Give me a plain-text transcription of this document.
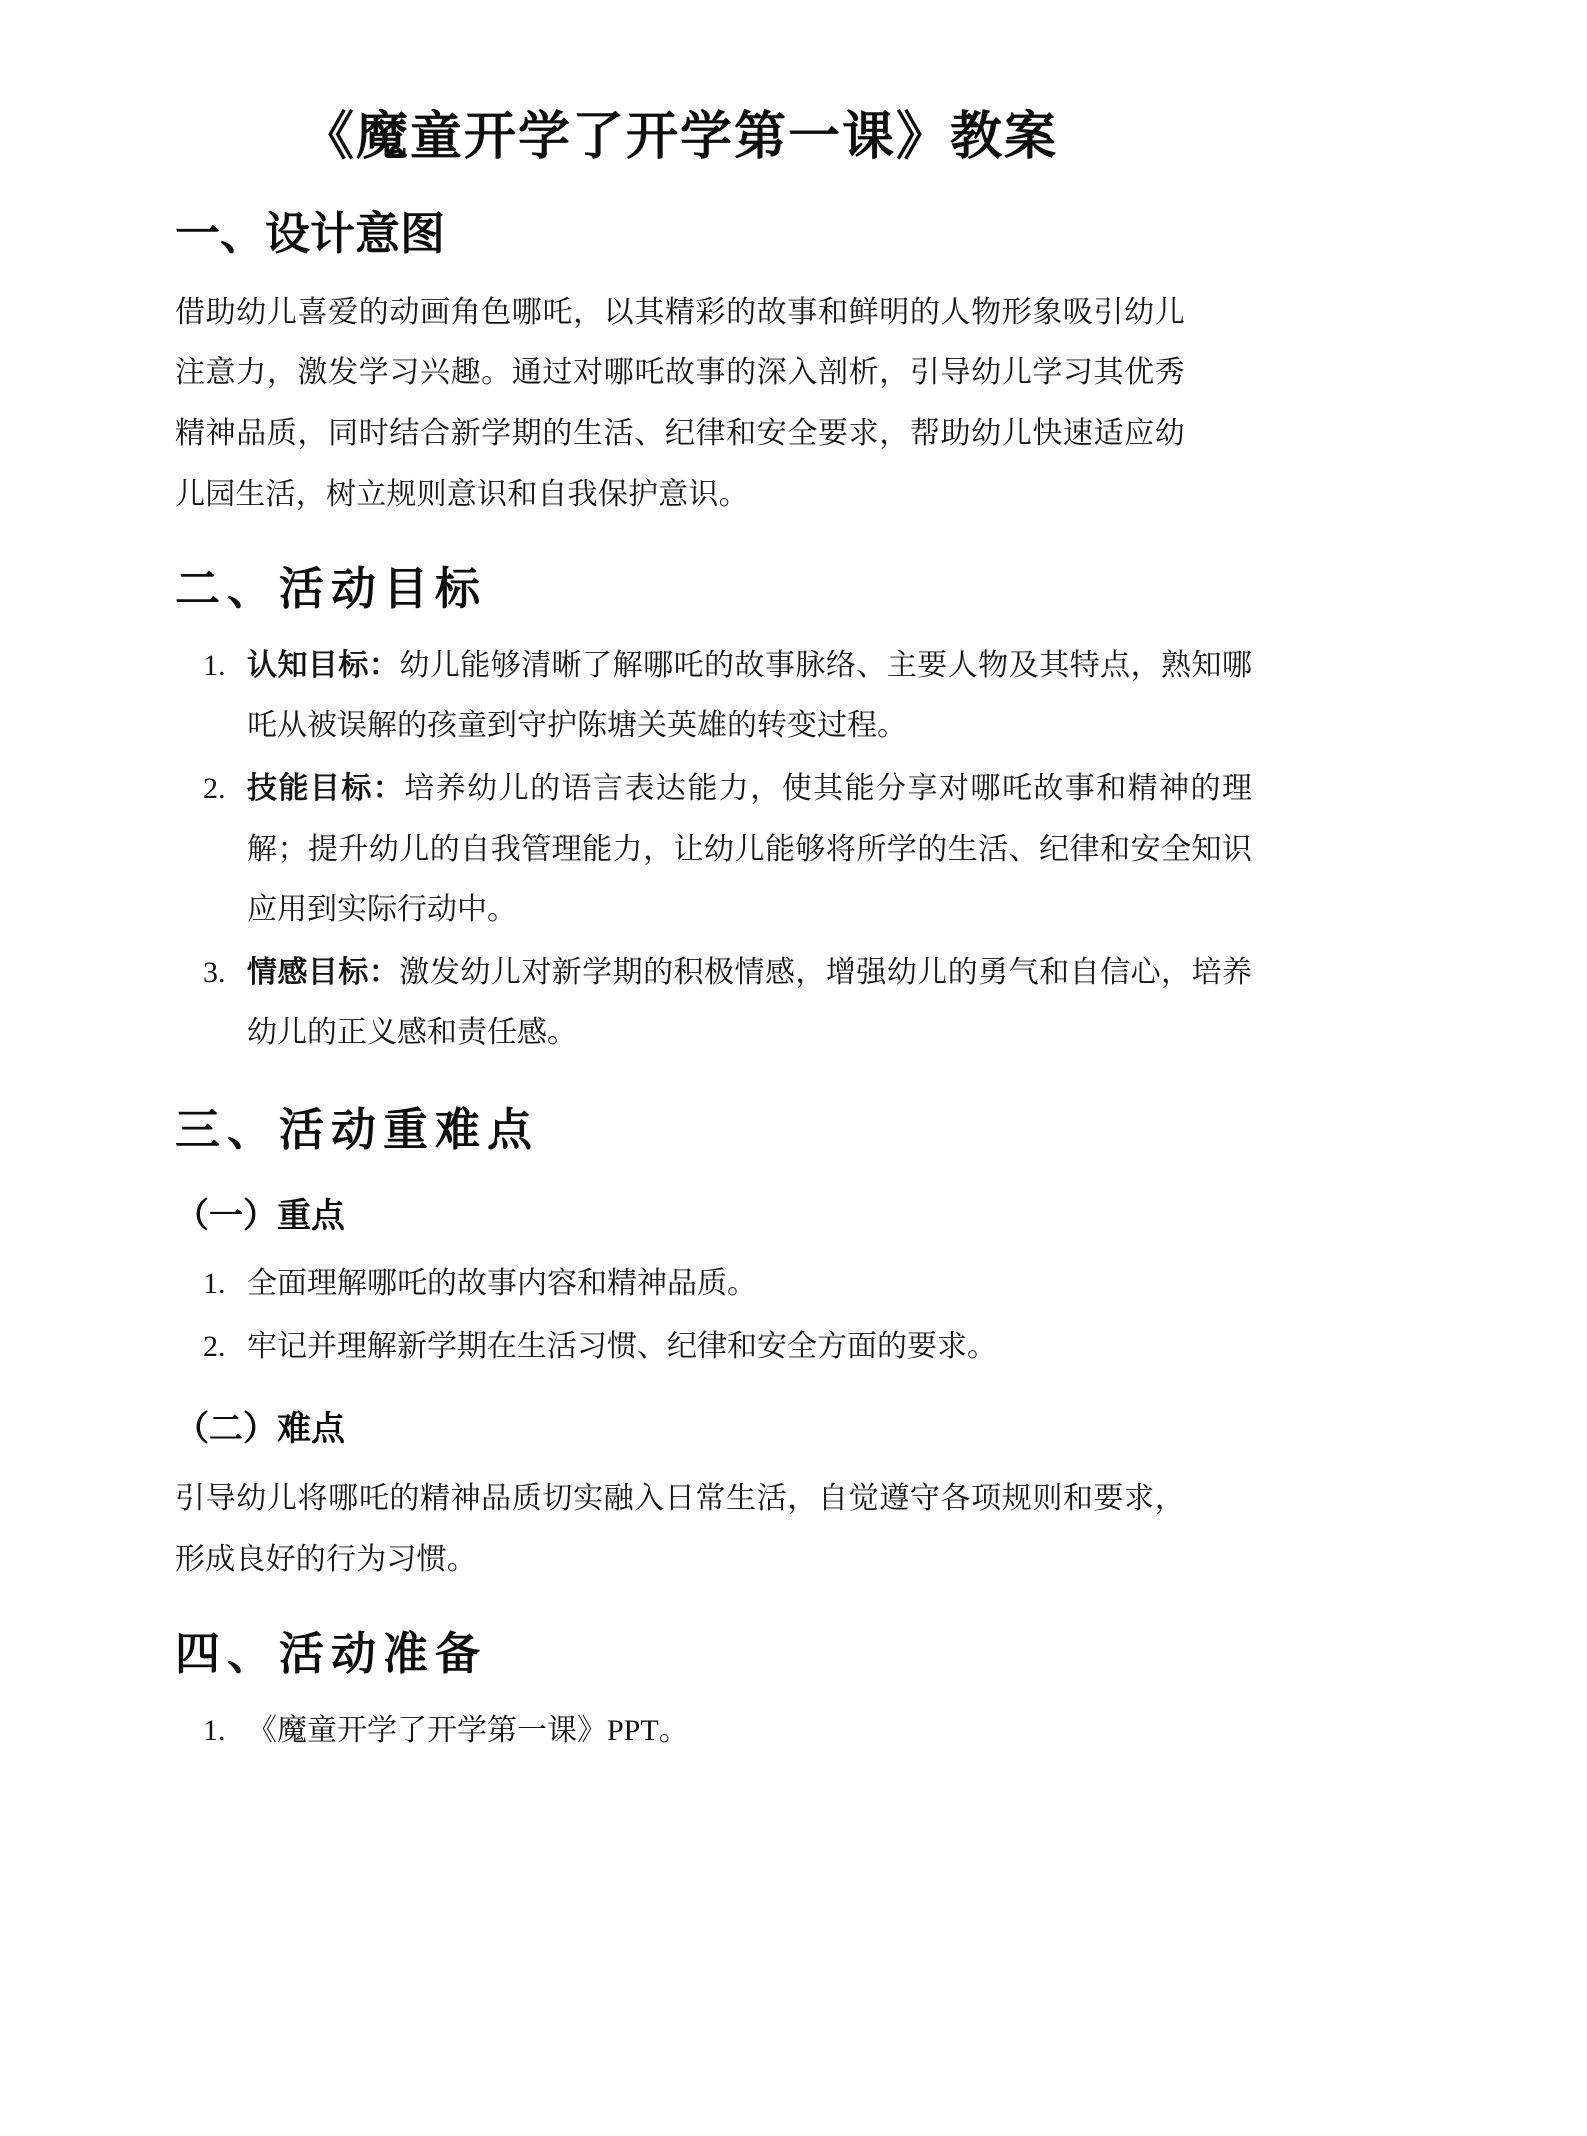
《魔童开学了开学第一课》教案
一、设计意图

借助幼儿喜爱的动画角色哪吒，以其精彩的故事和鲜明的人物形象吸引幼儿注意力，激发学习兴趣。通过对哪吒故事的深入剖析，引导幼儿学习其优秀精神品质，同时结合新学期的生活、纪律和安全要求，帮助幼儿快速适应幼儿园生活，树立规则意识和自我保护意识。

二、活动目标
认知目标：幼儿能够清晰了解哪吒的故事脉络、主要人物及其特点，熟知哪吒从被误解的孩童到守护陈塘关英雄的转变过程。
技能目标：培养幼儿的语言表达能力，使其能分享对哪吒故事和精神的理解；提升幼儿的自我管理能力，让幼儿能够将所学的生活、纪律和安全知识应用到实际行动中。
情感目标：激发幼儿对新学期的积极情感，增强幼儿的勇气和自信心，培养幼儿的正义感和责任感。
三、活动重难点
（一）重点
全面理解哪吒的故事内容和精神品质。
牢记并理解新学期在生活习惯、纪律和安全方面的要求。
（二）难点

引导幼儿将哪吒的精神品质切实融入日常生活，自觉遵守各项规则和要求，形成良好的行为习惯。

四、活动准备
《魔童开学了开学第一课》PPT。
